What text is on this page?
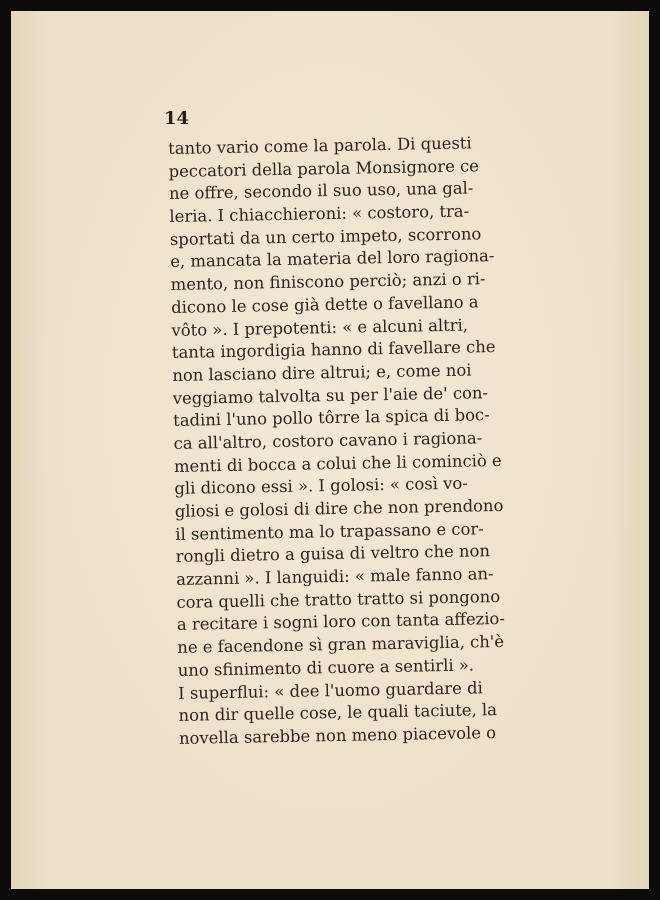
14

tanto vario come la parola. Di questi

peccatori della parola Monsignore ce

ne offre, secondo il suo uso, una gal-

leria. I chiacchieroni: « costoro, tra-

sportati da un certo impeto, scorrono

e, mancata la materia del loro ragiona-

mento, non finiscono perciò; anzi o ri-

dicono le cose già dette o favellano a

vôto ». I prepotenti: « e alcuni altri,

tanta ingordigia hanno di favellare che

non lasciano dire altrui; e, come noi

veggiamo talvolta su per l'aie de' con-

tadini l'uno pollo tôrre la spica di boc-

ca all'altro, costoro cavano i ragiona-

menti di bocca a colui che li cominciò e

gli dicono essi ». I golosi: « così vo-

gliosi e golosi di dire che non prendono

il sentimento ma lo trapassano e cor-

rongli dietro a guisa di veltro che non

azzanni ». I languidi: « male fanno an-

cora quelli che tratto tratto si pongono

a recitare i sogni loro con tanta affezio-

ne e facendone sì gran maraviglia, ch'è

uno sfinimento di cuore a sentirli ».

I superflui: « dee l'uomo guardare di

non dir quelle cose, le quali taciute, la

novella sarebbe non meno piacevole o
